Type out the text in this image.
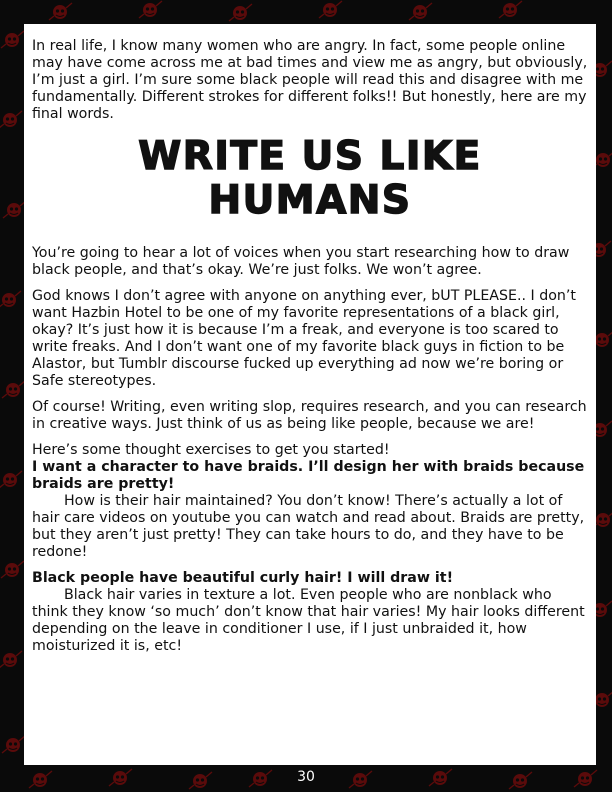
In real life, I know many women who are angry. In fact, some people online may have come across me at bad times and view me as angry, but obviously, I’m just a girl. I’m sure some black people will read this and disagree with me fundamentally. Different strokes for different folks!! But honestly, here are my final words.

WRITE US LIKE HUMANS

You’re going to hear a lot of voices when you start researching how to draw black people, and that’s okay. We’re just folks. We won’t agree.

God knows I don’t agree with anyone on anything ever, bUT PLEASE.. I don’t want Hazbin Hotel to be one of my favorite representations of a black girl, okay? It’s just how it is because I’m a freak, and everyone is too scared to write freaks. And I don’t want one of my favorite black guys in fiction to be Alastor, but Tumblr discourse fucked up everything ad now we’re boring or Safe stereotypes.

Of course! Writing, even writing slop, requires research, and you can research in creative ways. Just think of us as being like people, because we are!

Here’s some thought exercises to get you started!

I want a character to have braids. I’ll design her with braids because braids are pretty!

How is their hair maintained? You don’t know! There’s actually a lot of hair care videos on youtube you can watch and read about. Braids are pretty, but they aren’t just pretty! They can take hours to do, and they have to be redone!

Black people have beautiful curly hair! I will draw it!

Black hair varies in texture a lot. Even people who are nonblack who think they know ‘so much’ don’t know that hair varies! My hair looks different depending on the leave in conditioner I use, if I just unbraided it, how moisturized it is, etc!

30
